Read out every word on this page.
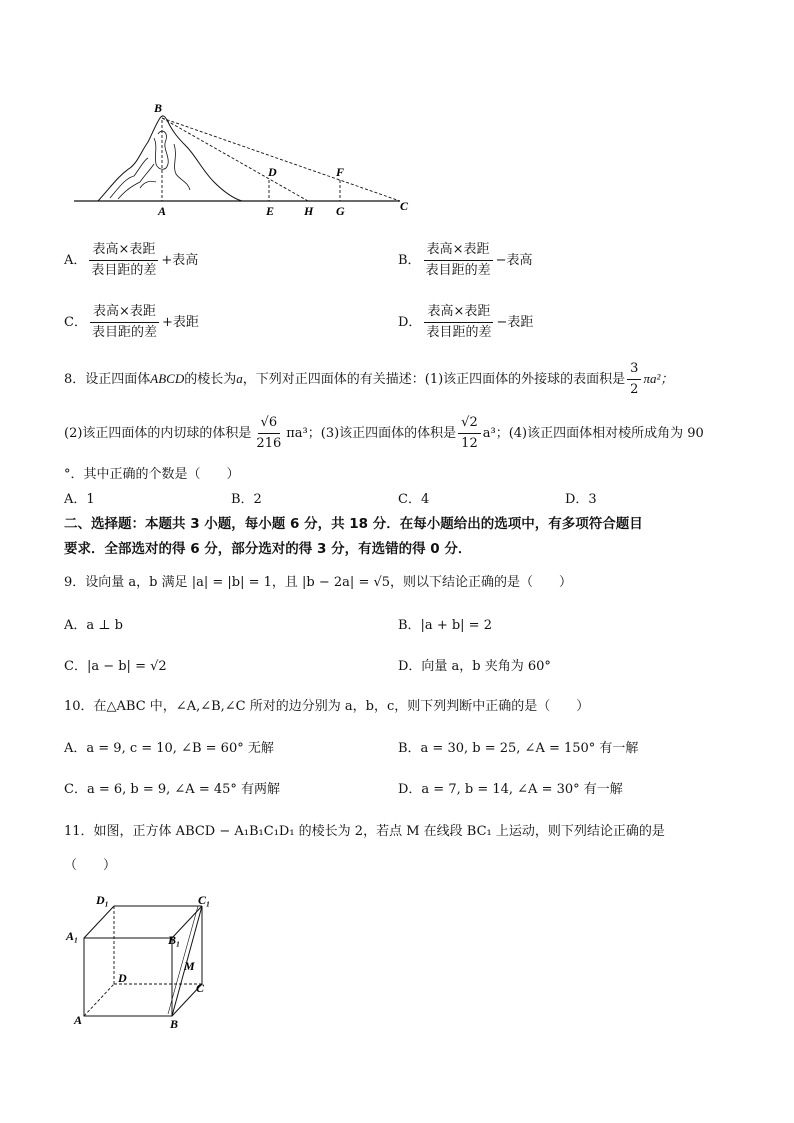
B
D	F
A	E H G	C
A． $\frac{\text{表高×表距}}{\text{表目距的差}}$ +表高	B． $\frac{\text{表高×表距}}{\text{表目距的差}}$ −表高
C． $\frac{\text{表高×表距}}{\text{表目距的差}}$ +表距	D． $\frac{\text{表高×表距}}{\text{表目距的差}}$ −表距
8．设正四面体ABCD的棱长为a，下列对正四面体的有关描述：(1)该正四面体的外接球的表面积是 $\frac{3}{2} \pi a^2$；
(2)该正四面体的内切球的体积是 $\frac{√6}{216} \pi a^3$；(3)该正四面体的体积是 $\frac{√2}{12} a^3$；(4)该正四面体相对棱所成角为 90
°．其中正确的个数是（　　）
A．1	B．2	C．4	D．3
二、选择题：本题共 3 小题，每小题 6 分，共 18 分．在每小题给出的选项中，有多项符合题目
要求．全部选对的得 6 分，部分选对的得 3 分，有选错的得 0 分．
9．设向量 a，b 满足 |a| = |b| = 1，且 |b − 2a| = √5，则以下结论正确的是（　　）
A．a ⊥ b	B．|a + b| = 2
C．|a − b| = √2	D．向量 a，b 夹角为 60°
10．在△ABC 中，∠A,∠B,∠C 所对的边分别为 a，b，c，则下列判断中正确的是（　　）
A．a = 9, c = 10, ∠B = 60° 无解	B．a = 30, b = 25, ∠A = 150° 有一解
C．a = 6, b = 9, ∠A = 45° 有两解	D．a = 7, b = 14, ∠A = 30° 有一解
11．如图，正方体 ABCD − A₁B₁C₁D₁ 的棱长为 2，若点 M 在线段 BC₁ 上运动，则下列结论正确的是
（　　）
D₁	C₁
A₁	B₁
M
D
C
A	B
